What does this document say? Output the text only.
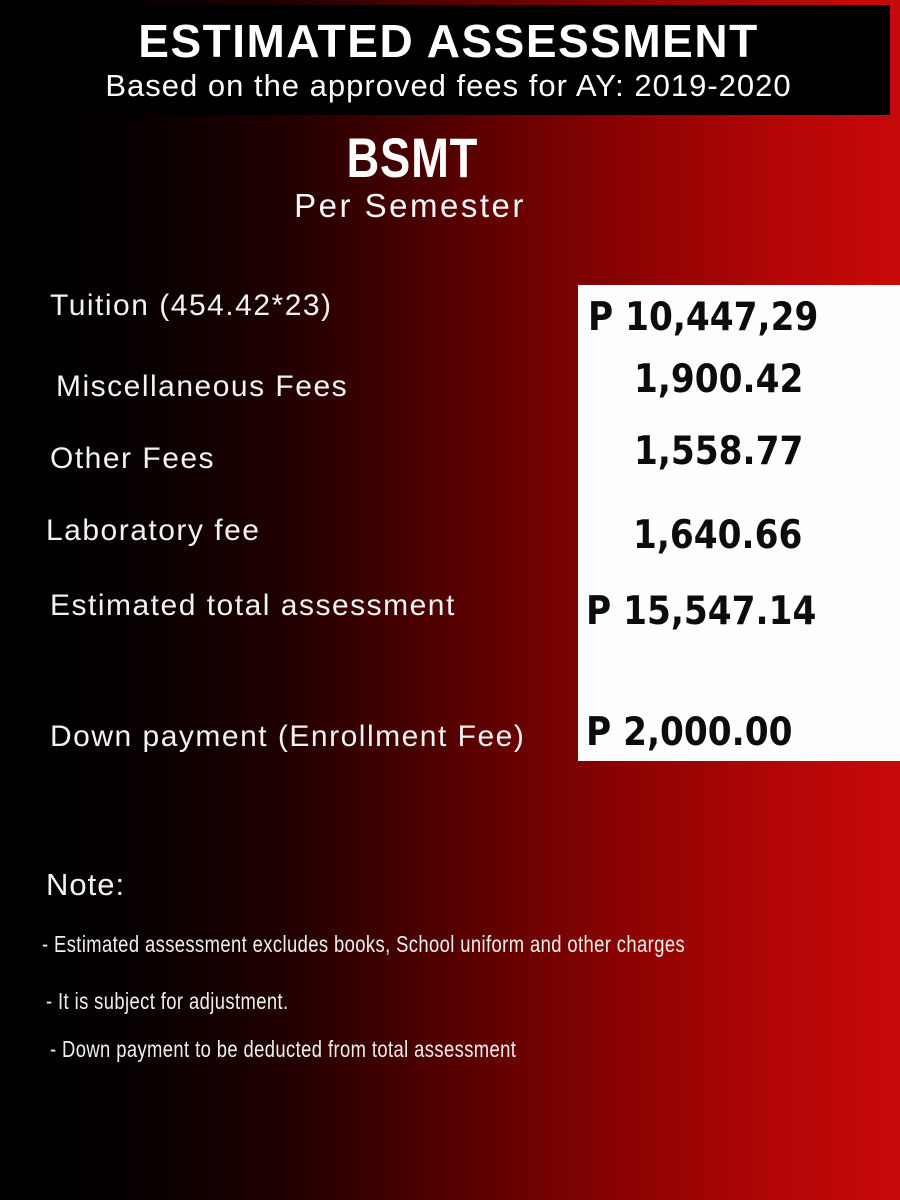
ESTIMATED ASSESSMENT
Based on the approved fees for AY: 2019-2020
BSMT
Per Semester
Tuition (454.42*23)
Miscellaneous Fees
Other Fees
Laboratory fee
Estimated total assessment
Down payment (Enrollment Fee)
P 10,447,29
1,900.42
1,558.77
1,640.66
P 15,547.14
P 2,000.00
Note:
- Estimated assessment excludes books, School uniform and other charges
- It is subject for adjustment.
- Down payment to be deducted from total assessment
